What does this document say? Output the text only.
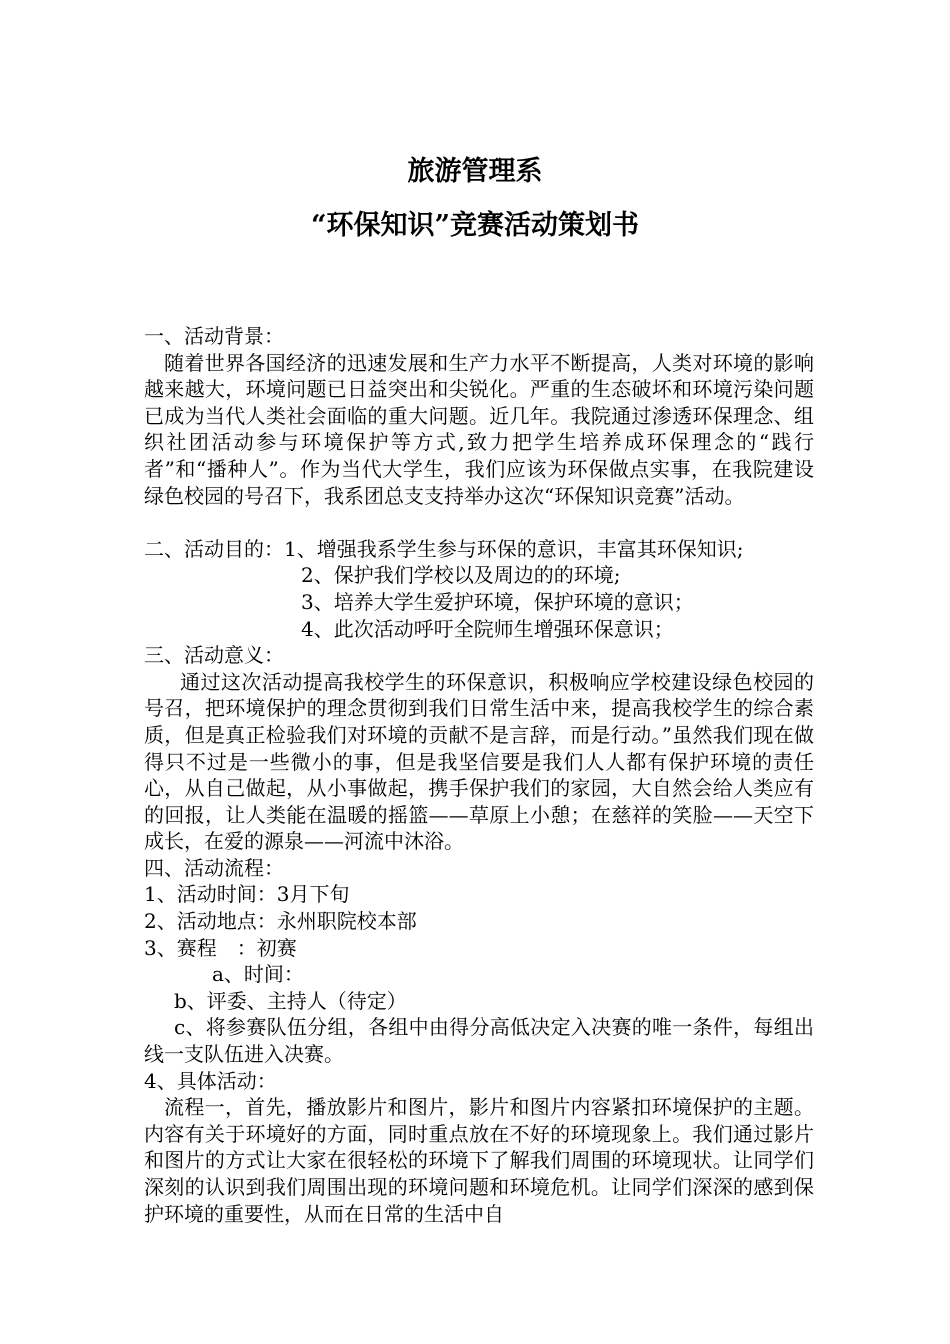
旅游管理系
“环保知识”竞赛活动策划书

一、活动背景：

随着世界各国经济的迅速发展和生产力水平不断提高，人类对环境的影响越来越大，环境问题已日益突出和尖锐化。严重的生态破坏和环境污染问题已成为当代人类社会面临的重大问题。近几年。我院通过渗透环保理念、组织社团活动参与环境保护等方式,致力把学生培养成环保理念的“践行者”和“播种人”。作为当代大学生，我们应该为环保做点实事，在我院建设绿色校园的号召下，我系团总支支持举办这次“环保知识竞赛”活动。

二、活动目的： 1、增强我系学生参与环保的意识，丰富其环保知识;
2、保护我们学校以及周边的的环境;
3、培养大学生爱护环境，保护环境的意识；
4、此次活动呼吁全院师生增强环保意识；

三、活动意义：

通过这次活动提高我校学生的环保意识，积极响应学校建设绿色校园的号召，把环境保护的理念贯彻到我们日常生活中来，提高我校学生的综合素质，但是真正检验我们对环境的贡献不是言辞，而是行动。”虽然我们现在做得只不过是一些微小的事，但是我坚信要是我们人人都有保护环境的责任心，从自己做起，从小事做起，携手保护我们的家园，大自然会给人类应有的回报，让人类能在温暖的摇篮——草原上小憩；在慈祥的笑脸——天空下成长，在爱的源泉——河流中沐浴。

四、活动流程：

1、活动时间：3月下旬

2、活动地点：永州职院校本部

3、赛程　：初赛

a、时间：

b、评委、主持人（待定）

c、将参赛队伍分组，各组中由得分高低决定入决赛的唯一条件，每组出线一支队伍进入决赛。

4、具体活动：

流程一，首先，播放影片和图片，影片和图片内容紧扣环境保护的主题。内容有关于环境好的方面，同时重点放在不好的环境现象上。我们通过影片和图片的方式让大家在很轻松的环境下了解我们周围的环境现状。让同学们深刻的认识到我们周围出现的环境问题和环境危机。让同学们深深的感到保护环境的重要性，从而在日常的生活中自
